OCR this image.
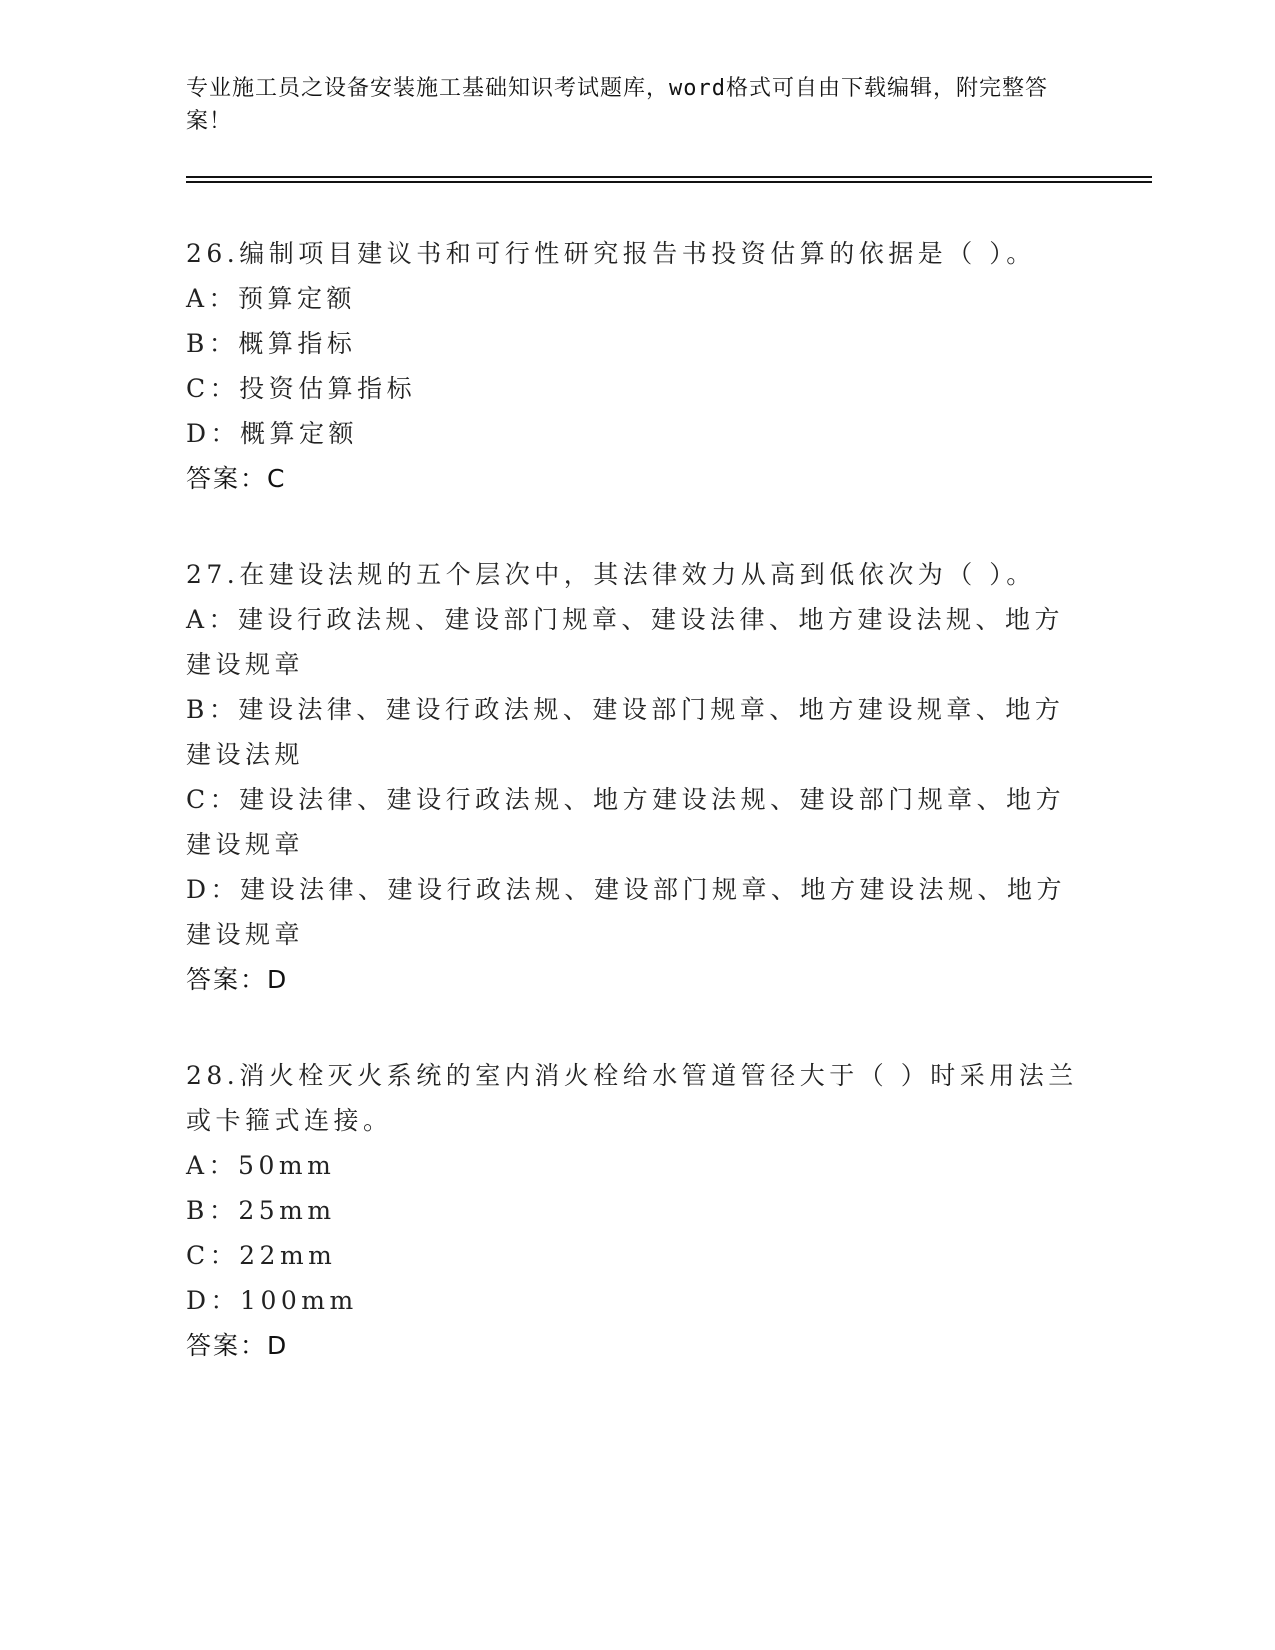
专业施工员之设备安装施工基础知识考试题库，word格式可自由下载编辑，附完整答案！

26.编制项目建议书和可行性研究报告书投资估算的依据是（ ）。

A：预算定额

B：概算指标

C：投资估算指标

D：概算定额

答案：C

27.在建设法规的五个层次中，其法律效力从高到低依次为（ ）。

A：建设行政法规、建设部门规章、建设法律、地方建设法规、地方建设规章

B：建设法律、建设行政法规、建设部门规章、地方建设规章、地方建设法规

C：建设法律、建设行政法规、地方建设法规、建设部门规章、地方建设规章

D：建设法律、建设行政法规、建设部门规章、地方建设法规、地方建设规章

答案：D

28.消火栓灭火系统的室内消火栓给水管道管径大于（ ）时采用法兰或卡箍式连接。

A：50mm

B：25mm

C：22mm

D：100mm

答案：D
